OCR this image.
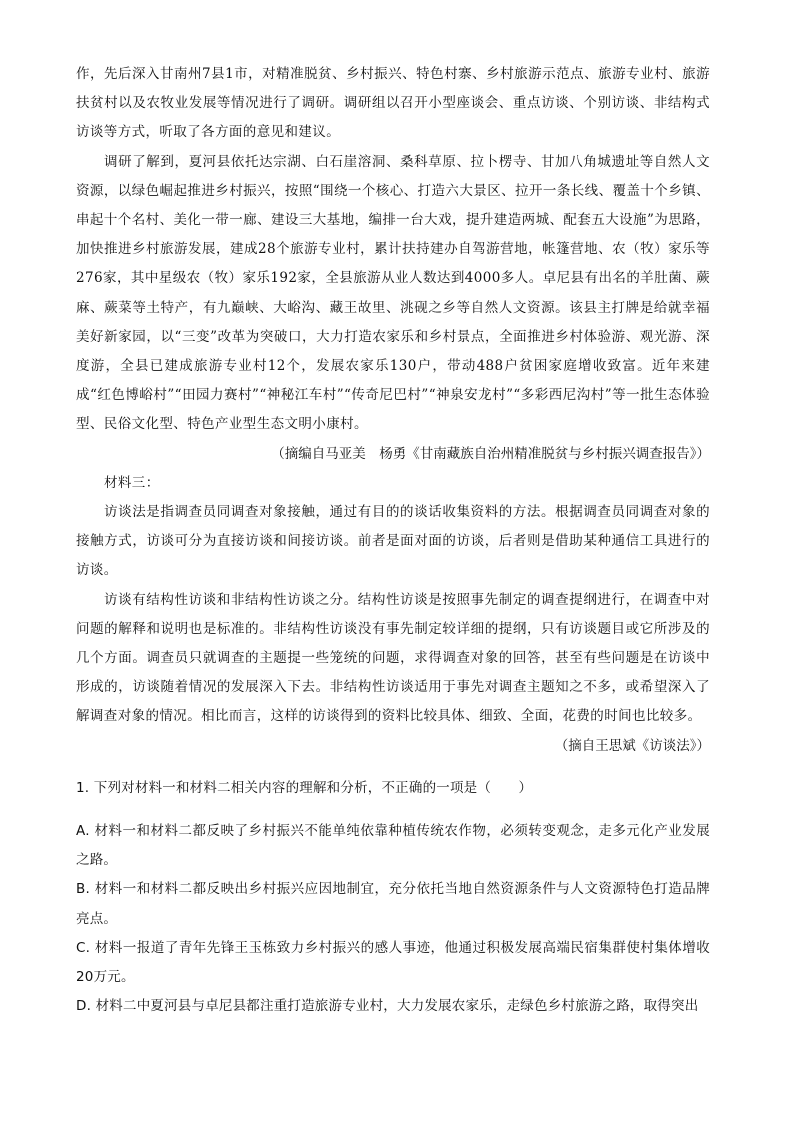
作，先后深入甘南州7县1市，对精准脱贫、乡村振兴、特色村寨、乡村旅游示范点、旅游专业村、旅游扶贫村以及农牧业发展等情况进行了调研。调研组以召开小型座谈会、重点访谈、个别访谈、非结构式访谈等方式，听取了各方面的意见和建议。

调研了解到，夏河县依托达宗湖、白石崖溶洞、桑科草原、拉卜楞寺、甘加八角城遗址等自然人文资源，以绿色崛起推进乡村振兴，按照“围绕一个核心、打造六大景区、拉开一条长线、覆盖十个乡镇、串起十个名村、美化一带一廊、建设三大基地，编排一台大戏，提升建造两城、配套五大设施”为思路，加快推进乡村旅游发展，建成28个旅游专业村，累计扶持建办自驾游营地，帐篷营地、农（牧）家乐等276家，其中星级农（牧）家乐192家，全县旅游从业人数达到4000多人。卓尼县有出名的羊肚菌、蕨麻、蕨菜等土特产，有九巅峡、大峪沟、藏王故里、洮砚之乡等自然人文资源。该县主打牌是给就幸福美好新家园，以“三变”改革为突破口，大力打造农家乐和乡村景点，全面推进乡村体验游、观光游、深度游，全县已建成旅游专业村12个，发展农家乐130户，带动488户贫困家庭增收致富。近年来建成“红色博峪村”“田园力赛村”“神秘江车村”“传奇尼巴村”“神泉安龙村”“多彩西尼沟村”等一批生态体验型、民俗文化型、特色产业型生态文明小康村。

（摘编自马亚美　杨勇《甘南藏族自治州精准脱贫与乡村振兴调查报告》）

材料三：

访谈法是指调查员同调查对象接触，通过有目的的谈话收集资料的方法。根据调查员同调查对象的接触方式，访谈可分为直接访谈和间接访谈。前者是面对面的访谈，后者则是借助某种通信工具进行的访谈。

访谈有结构性访谈和非结构性访谈之分。结构性访谈是按照事先制定的调查提纲进行，在调查中对问题的解释和说明也是标准的。非结构性访谈没有事先制定较详细的提纲，只有访谈题目或它所涉及的几个方面。调查员只就调查的主题提一些笼统的问题，求得调查对象的回答，甚至有些问题是在访谈中形成的，访谈随着情况的发展深入下去。非结构性访谈适用于事先对调查主题知之不多，或希望深入了解调查对象的情况。相比而言，这样的访谈得到的资料比较具体、细致、全面，花费的时间也比较多。

（摘自王思斌《访谈法》）

1. 下列对材料一和材料二相关内容的理解和分析，不正确的一项是（　　）

A. 材料一和材料二都反映了乡村振兴不能单纯依靠种植传统农作物，必须转变观念，走多元化产业发展之路。

B. 材料一和材料二都反映出乡村振兴应因地制宜，充分依托当地自然资源条件与人文资源特色打造品牌亮点。

C. 材料一报道了青年先锋王玉栋致力乡村振兴的感人事迹，他通过积极发展高端民宿集群使村集体增收20万元。

D. 材料二中夏河县与卓尼县都注重打造旅游专业村，大力发展农家乐，走绿色乡村旅游之路，取得突出
